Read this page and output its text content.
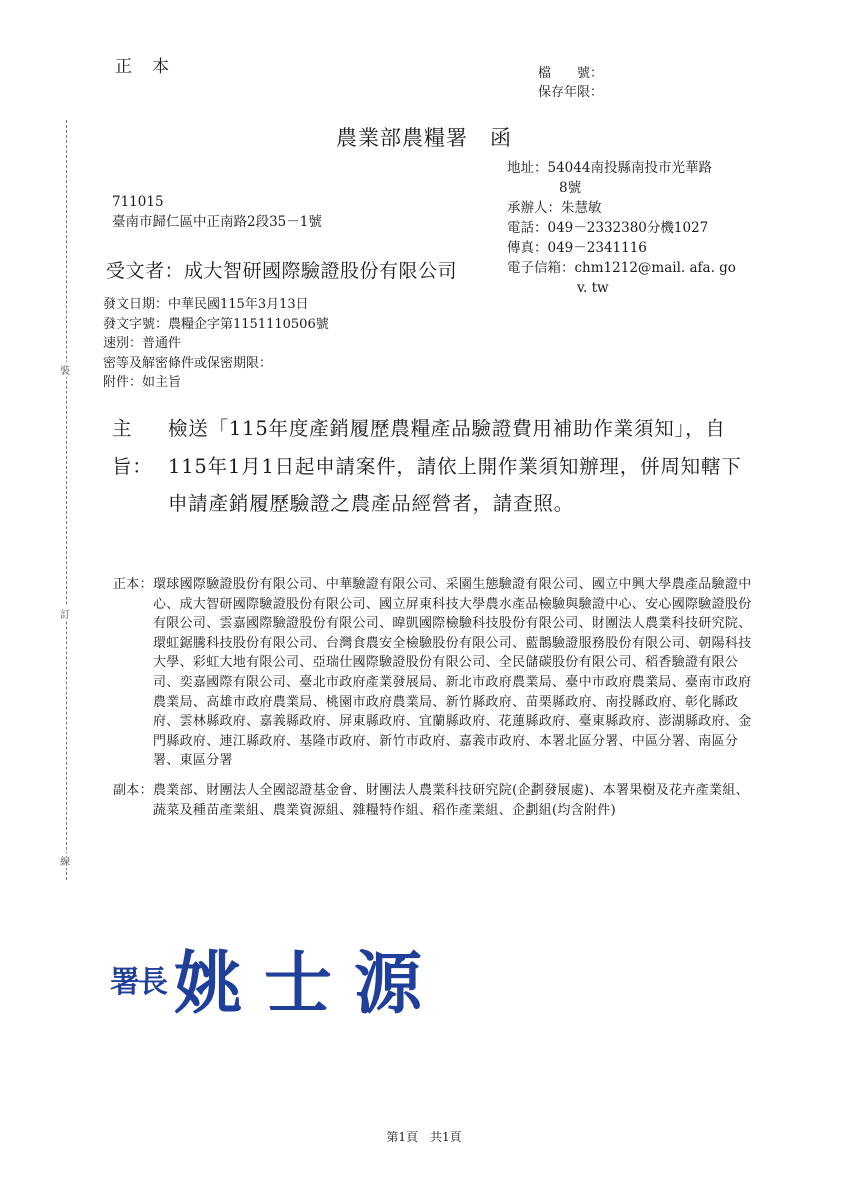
正本	檔　　號：
保存年限：
農業部農糧署　函
地址：54044南投縣南投市光華路
8號
承辦人：朱慧敏
電話：049－2332380分機1027
傳真：049－2341116
電子信箱：chm1212@mail. afa. go
v. tw
711015
臺南市歸仁區中正南路2段35－1號
受文者：成大智研國際驗證股份有限公司
發文日期：中華民國115年3月13日
發文字號：農糧企字第1151110506號
速別：普通件
密等及解密條件或保密期限：
附件：如主旨
主旨：
檢送「115年度產銷履歷農糧產品驗證費用補助作業須知」，自115年1月1日起申請案件，請依上開作業須知辦理，併周知轄下申請產銷履歷驗證之農產品經營者，請查照。
正本： 環球國際驗證股份有限公司、中華驗證有限公司、采園生態驗證有限公司、國立中興大學農產品驗證中心、成大智研國際驗證股份有限公司、國立屏東科技大學農水產品檢驗與驗證中心、安心國際驗證股份有限公司、雲嘉國際驗證股份有限公司、暐凱國際檢驗科技股份有限公司、財團法人農業科技研究院、環虹鋸騰科技股份有限公司、台灣食農安全檢驗股份有限公司、藍鵲驗證服務股份有限公司、朝陽科技大學、彩虹大地有限公司、亞瑞仕國際驗證股份有限公司、全民儲碳股份有限公司、稻香驗證有限公司、奕嘉國際有限公司、臺北市政府產業發展局、新北市政府農業局、臺中市政府農業局、臺南市政府農業局、高雄市政府農業局、桃園市政府農業局、新竹縣政府、苗栗縣政府、南投縣政府、彰化縣政府、雲林縣政府、嘉義縣政府、屏東縣政府、宜蘭縣政府、花蓮縣政府、臺東縣政府、澎湖縣政府、金門縣政府、連江縣政府、基隆市政府、新竹市政府、嘉義市政府、本署北區分署、中區分署、南區分署、東區分署
副本： 農業部、財團法人全國認證基金會、財團法人農業科技研究院(企劃發展處)、本署果樹及花卉產業組、蔬菜及種苗產業組、農業資源組、雜糧特作組、稻作產業組、企劃組(均含附件)
裝
訂
線
署長 姚士源
第1頁 共1頁
